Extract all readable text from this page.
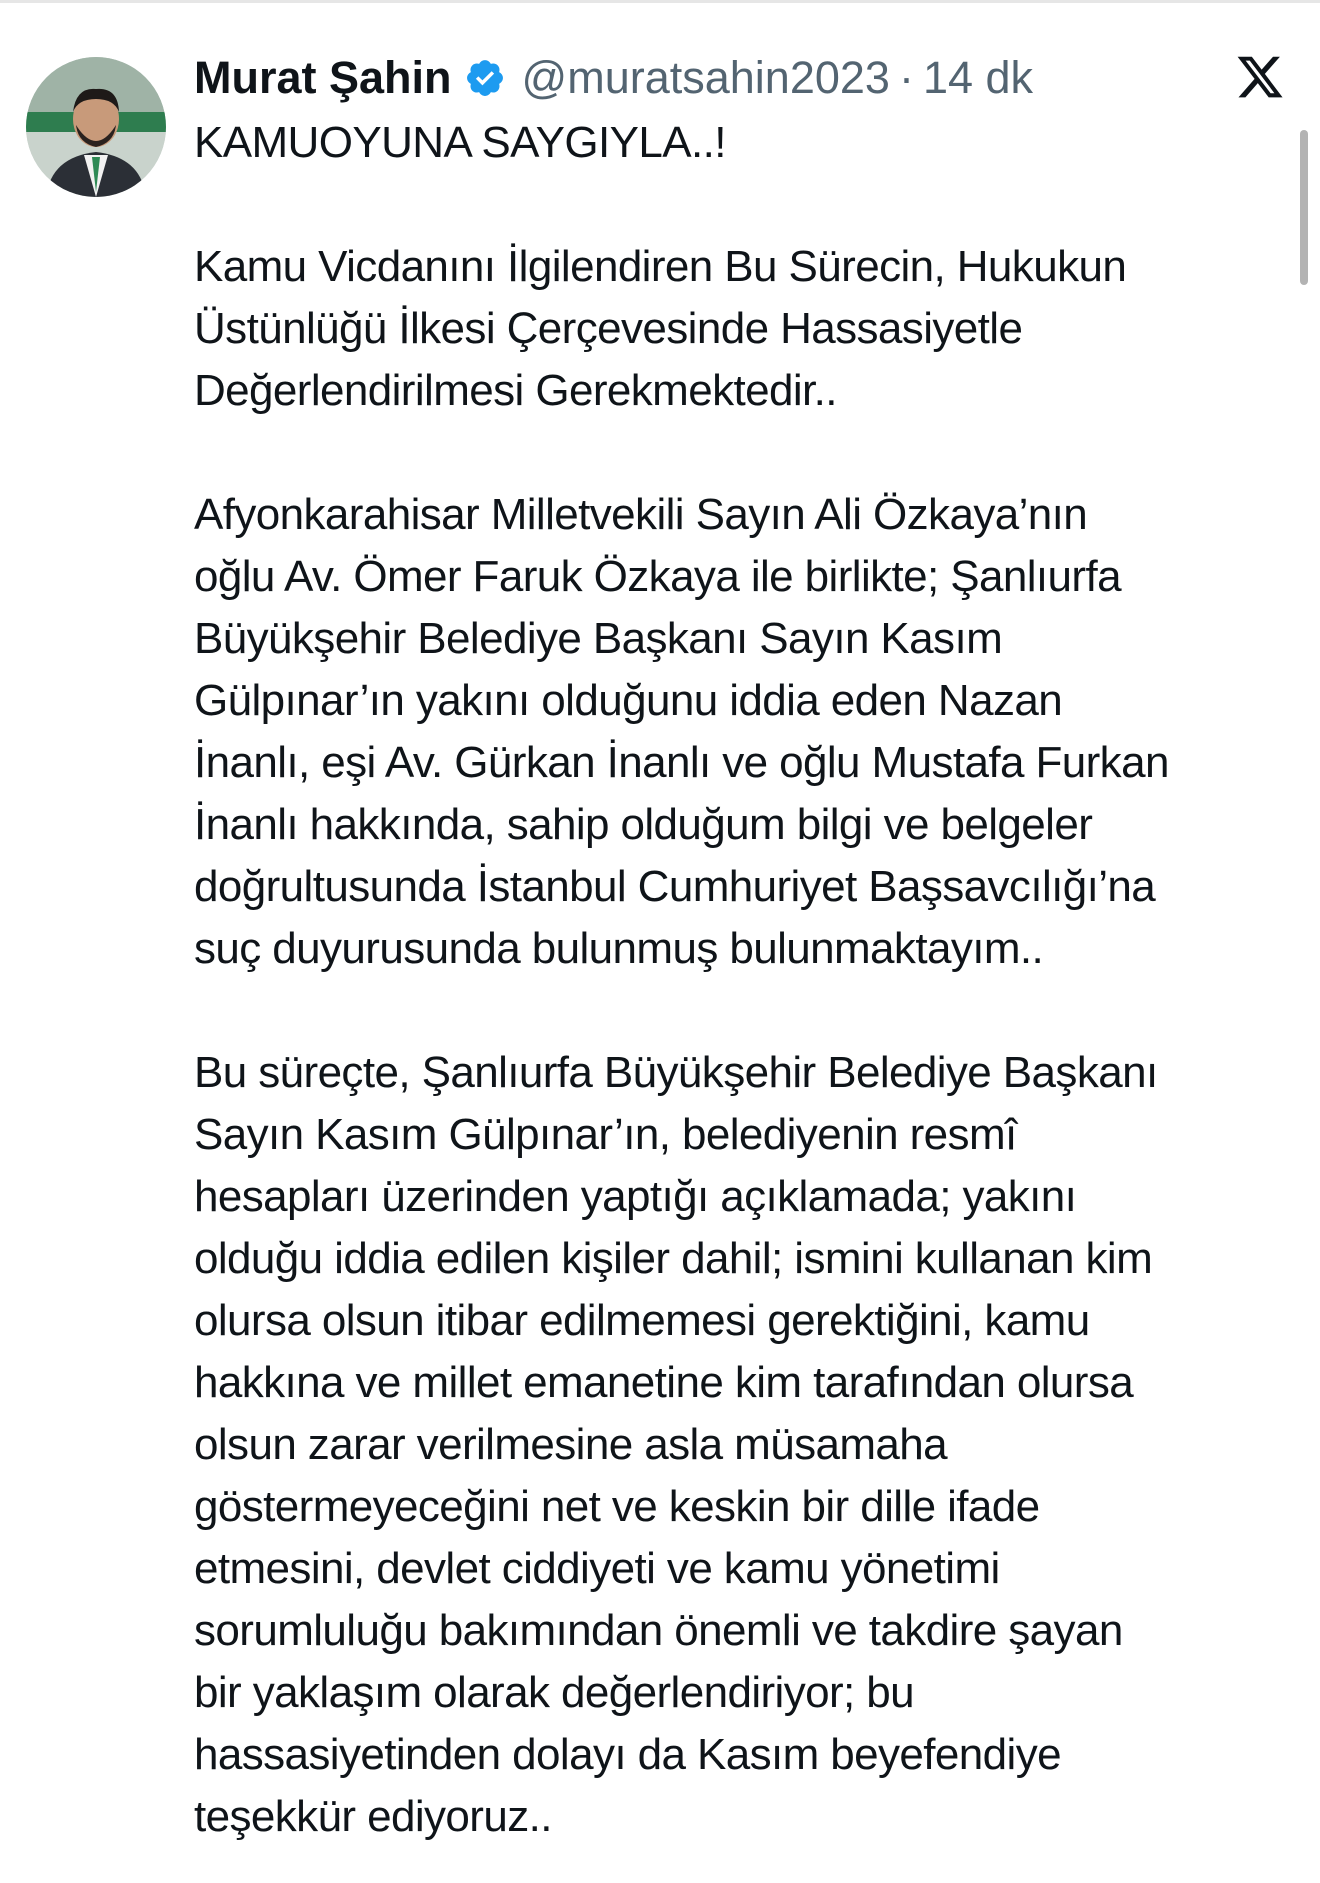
Murat Şahin @muratsahin2023 · 14 dk

KAMUOYUNA SAYGIYLA..!

Kamu Vicdanını İlgilendiren Bu Sürecin, Hukukun
Üstünlüğü İlkesi Çerçevesinde Hassasiyetle
Değerlendirilmesi Gerekmektedir..

Afyonkarahisar Milletvekili Sayın Ali Özkaya’nın
oğlu Av. Ömer Faruk Özkaya ile birlikte; Şanlıurfa
Büyükşehir Belediye Başkanı Sayın Kasım
Gülpınar’ın yakını olduğunu iddia eden Nazan
İnanlı, eşi Av. Gürkan İnanlı ve oğlu Mustafa Furkan
İnanlı hakkında, sahip olduğum bilgi ve belgeler
doğrultusunda İstanbul Cumhuriyet Başsavcılığı’na
suç duyurusunda bulunmuş bulunmaktayım..

Bu süreçte, Şanlıurfa Büyükşehir Belediye Başkanı
Sayın Kasım Gülpınar’ın, belediyenin resmî
hesapları üzerinden yaptığı açıklamada; yakını
olduğu iddia edilen kişiler dahil; ismini kullanan kim
olursa olsun itibar edilmemesi gerektiğini, kamu
hakkına ve millet emanetine kim tarafından olursa
olsun zarar verilmesine asla müsamaha
göstermeyeceğini net ve keskin bir dille ifade
etmesini, devlet ciddiyeti ve kamu yönetimi
sorumluluğu bakımından önemli ve takdire şayan
bir yaklaşım olarak değerlendiriyor; bu
hassasiyetinden dolayı da Kasım beyefendiye
teşekkür ediyoruz..
